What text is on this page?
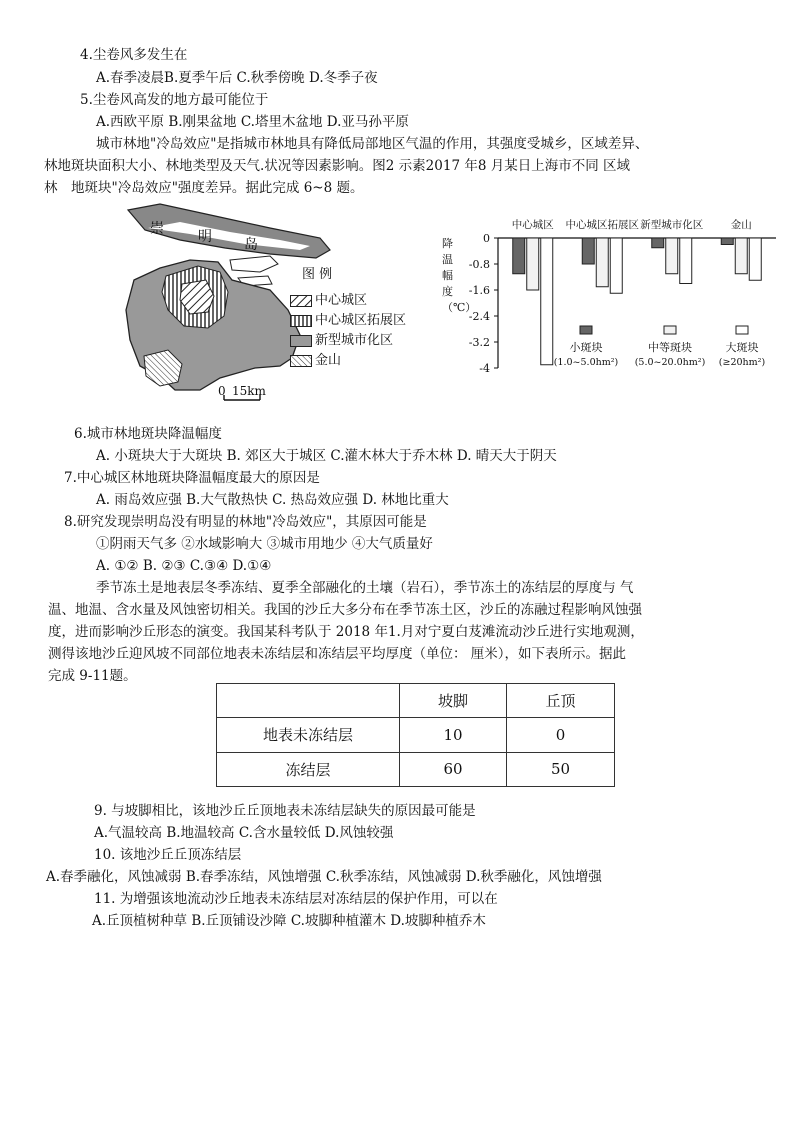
4.尘卷风多发生在
A.春季凌晨B.夏季午后 C.秋季傍晚 D.冬季子夜
5.尘卷风高发的地方最可能位于
A.西欧平原 B.刚果盆地 C.塔里木盆地 D.亚马孙平原
城市林地"冷岛效应"是指城市林地具有降低局部地区气温的作用，其强度受城乡，区域差异、
林地斑块面积大小、林地类型及天气.状况等因素影响。图2 示素2017 年8 月某日上海市不同 区域
林　地斑块"冷岛效应"强度差异。据此完成 6~8 题。
崇 明 岛
图 例
中心城区
中心城区拓展区
新型城市化区
金山
0 15km
0
-0.8
-1.6
-2.4
-3.2
-4
中心城区 中心城区拓展区 新型城市化区	金山
小斑块
(1.0~5.0hm²)
中等斑块
(5.0~20.0hm²)
大斑块
(≥20hm²)
降温幅度（℃）
6.城市林地斑块降温幅度
A. 小斑块大于大斑块 B. 郊区大于城区 C.灌木林大于乔木林 D. 晴天大于阴天
7.中心城区林地斑块降温幅度最大的原因是
A. 雨岛效应强 B.大气散热快 C. 热岛效应强 D. 林地比重大
8.研究发现崇明岛没有明显的林地"冷岛效应"，其原因可能是
①阴雨天气多 ②水域影响大 ③城市用地少 ④大气质量好
A. ①② B. ②③ C.③④ D.①④
季节冻土是地表层冬季冻结、夏季全部融化的土壤（岩石），季节冻土的冻结层的厚度与 气
温、地温、含水量及风蚀密切相关。我国的沙丘大多分布在季节冻土区，沙丘的冻融过程影响风蚀强
度，进而影响沙丘形态的演变。我国某科考队于 2018 年1.月对宁夏白芨滩流动沙丘进行实地观测，
测得该地沙丘迎风坡不同部位地表未冻结层和冻结层平均厚度（单位： 厘米），如下表所示。据此
完成 9-11题。
	坡脚	丘顶
地表未冻结层	10	0
冻结层	60	50
9. 与坡脚相比，该地沙丘丘顶地表未冻结层缺失的原因最可能是
A.气温较高 B.地温较高 C.含水量较低 D.风蚀较强
10. 该地沙丘丘顶冻结层
A.春季融化，风蚀减弱 B.春季冻结，风蚀增强 C.秋季冻结，风蚀减弱 D.秋季融化，风蚀增强
11. 为增强该地流动沙丘地表未冻结层对冻结层的保护作用，可以在
A.丘顶植树种草 B.丘顶铺设沙障 C.坡脚种植灌木 D.坡脚种植乔木
